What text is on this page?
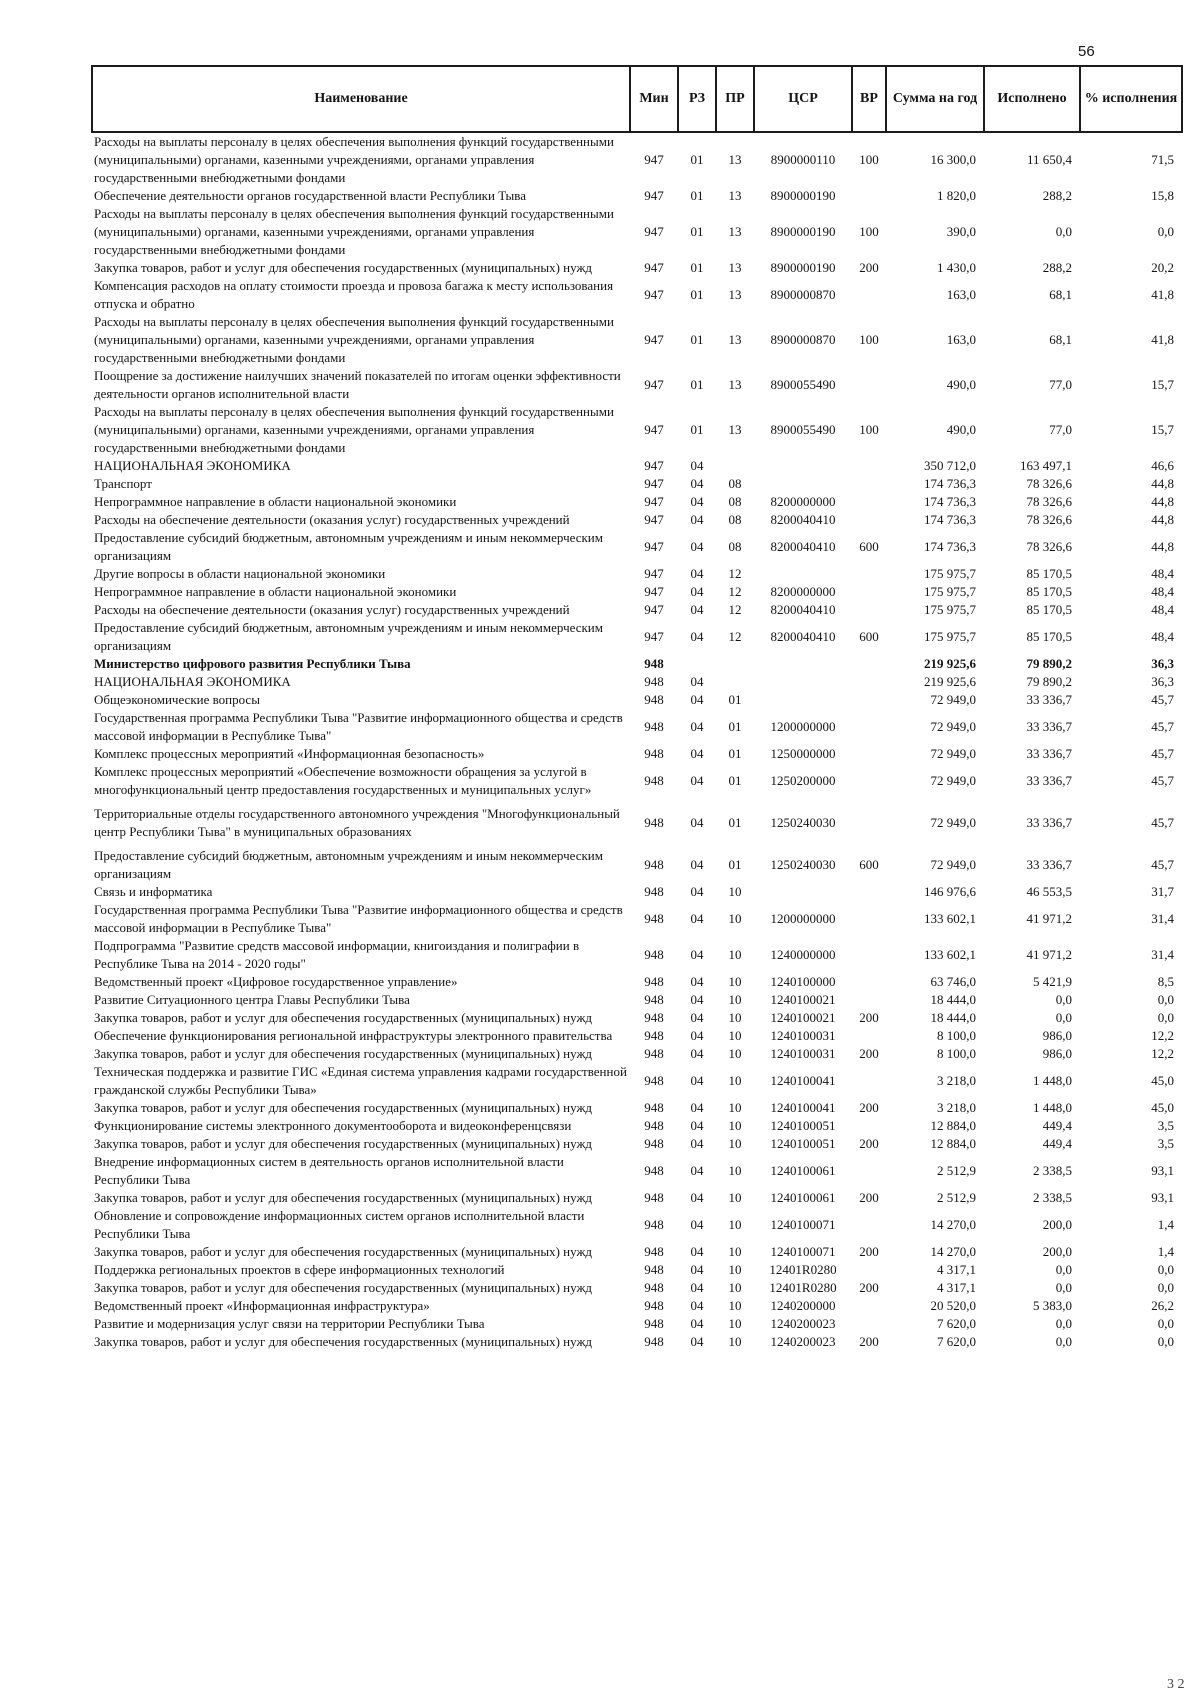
56
Наименование	Мин	РЗ	ПР	ЦСР	ВР	Сумма на год	Исполнено	% исполнения
Расходы на выплаты персоналу в целях обеспечения выполнения функций государственными (муниципальными) органами, казенными учреждениями, органами управления государственными внебюджетными фондами	947	01	13	8900000110	100	16 300,0	11 650,4	71,5
Обеспечение деятельности органов государственной власти Республики Тыва	947	01	13	8900000190		1 820,0	288,2	15,8
Расходы на выплаты персоналу в целях обеспечения выполнения функций государственными (муниципальными) органами, казенными учреждениями, органами управления государственными внебюджетными фондами	947	01	13	8900000190	100	390,0	0,0	0,0
Закупка товаров, работ и услуг для обеспечения государственных (муниципальных) нужд	947	01	13	8900000190	200	1 430,0	288,2	20,2
Компенсация расходов на оплату стоимости проезда и провоза багажа к месту использования отпуска и обратно	947	01	13	8900000870		163,0	68,1	41,8
Расходы на выплаты персоналу в целях обеспечения выполнения функций государственными (муниципальными) органами, казенными учреждениями, органами управления государственными внебюджетными фондами	947	01	13	8900000870	100	163,0	68,1	41,8
Поощрение за достижение наилучших значений показателей по итогам оценки эффективности деятельности органов исполнительной власти	947	01	13	8900055490		490,0	77,0	15,7
Расходы на выплаты персоналу в целях обеспечения выполнения функций государственными (муниципальными) органами, казенными учреждениями, органами управления государственными внебюджетными фондами	947	01	13	8900055490	100	490,0	77,0	15,7
НАЦИОНАЛЬНАЯ ЭКОНОМИКА	947	04				350 712,0	163 497,1	46,6
Транспорт	947	04	08			174 736,3	78 326,6	44,8
Непрограммное направление в области национальной экономики	947	04	08	8200000000		174 736,3	78 326,6	44,8
Расходы на обеспечение деятельности (оказания услуг) государственных учреждений	947	04	08	8200040410		174 736,3	78 326,6	44,8
Предоставление субсидий бюджетным, автономным учреждениям и иным некоммерческим организациям	947	04	08	8200040410	600	174 736,3	78 326,6	44,8
Другие вопросы в области национальной экономики	947	04	12			175 975,7	85 170,5	48,4
Непрограммное направление в области национальной экономики	947	04	12	8200000000		175 975,7	85 170,5	48,4
Расходы на обеспечение деятельности (оказания услуг) государственных учреждений	947	04	12	8200040410		175 975,7	85 170,5	48,4
Предоставление субсидий бюджетным, автономным учреждениям и иным некоммерческим организациям	947	04	12	8200040410	600	175 975,7	85 170,5	48,4
Министерство цифрового развития Республики Тыва	948					219 925,6	79 890,2	36,3
НАЦИОНАЛЬНАЯ ЭКОНОМИКА	948	04				219 925,6	79 890,2	36,3
Общеэкономические вопросы	948	04	01			72 949,0	33 336,7	45,7
Государственная программа Республики Тыва "Развитие информационного общества и средств массовой информации в Республике Тыва"	948	04	01	1200000000		72 949,0	33 336,7	45,7
Комплекс процессных мероприятий «Информационная безопасность»	948	04	01	1250000000		72 949,0	33 336,7	45,7
Комплекс процессных мероприятий «Обеспечение возможности обращения за услугой в многофункциональный центр предоставления государственных и муниципальных услуг»	948	04	01	1250200000		72 949,0	33 336,7	45,7
Территориальные отделы государственного автономного учреждения "Многофункциональный центр Республики Тыва" в муниципальных образованиях	948	04	01	1250240030		72 949,0	33 336,7	45,7
Предоставление субсидий бюджетным, автономным учреждениям и иным некоммерческим организациям	948	04	01	1250240030	600	72 949,0	33 336,7	45,7
Связь и информатика	948	04	10			146 976,6	46 553,5	31,7
Государственная программа Республики Тыва "Развитие информационного общества и средств массовой информации в Республике Тыва"	948	04	10	1200000000		133 602,1	41 971,2	31,4
Подпрограмма "Развитие средств массовой информации, книгоиздания и полиграфии в Республике Тыва на 2014 - 2020 годы"	948	04	10	1240000000		133 602,1	41 971,2	31,4
Ведомственный проект «Цифровое государственное управление»	948	04	10	1240100000		63 746,0	5 421,9	8,5
Развитие Ситуационного центра Главы Республики Тыва	948	04	10	1240100021		18 444,0	0,0	0,0
Закупка товаров, работ и услуг для обеспечения государственных (муниципальных) нужд	948	04	10	1240100021	200	18 444,0	0,0	0,0
Обеспечение функционирования региональной инфраструктуры электронного правительства	948	04	10	1240100031		8 100,0	986,0	12,2
Закупка товаров, работ и услуг для обеспечения государственных (муниципальных) нужд	948	04	10	1240100031	200	8 100,0	986,0	12,2
Техническая поддержка и развитие ГИС «Единая система управления кадрами государственной гражданской службы Республики Тыва»	948	04	10	1240100041		3 218,0	1 448,0	45,0
Закупка товаров, работ и услуг для обеспечения государственных (муниципальных) нужд	948	04	10	1240100041	200	3 218,0	1 448,0	45,0
Функционирование системы электронного документооборота и видеоконференцсвязи	948	04	10	1240100051		12 884,0	449,4	3,5
Закупка товаров, работ и услуг для обеспечения государственных (муниципальных) нужд	948	04	10	1240100051	200	12 884,0	449,4	3,5
Внедрение информационных систем в деятельность органов исполнительной власти Республики Тыва	948	04	10	1240100061		2 512,9	2 338,5	93,1
Закупка товаров, работ и услуг для обеспечения государственных (муниципальных) нужд	948	04	10	1240100061	200	2 512,9	2 338,5	93,1
Обновление и сопровождение информационных систем органов исполнительной власти Республики Тыва	948	04	10	1240100071		14 270,0	200,0	1,4
Закупка товаров, работ и услуг для обеспечения государственных (муниципальных) нужд	948	04	10	1240100071	200	14 270,0	200,0	1,4
Поддержка региональных проектов в сфере информационных технологий	948	04	10	12401R0280		4 317,1	0,0	0,0
Закупка товаров, работ и услуг для обеспечения государственных (муниципальных) нужд	948	04	10	12401R0280	200	4 317,1	0,0	0,0
Ведомственный проект «Информационная инфраструктура»	948	04	10	1240200000		20 520,0	5 383,0	26,2
Развитие и модернизация услуг связи на территории Республики Тыва	948	04	10	1240200023		7 620,0	0,0	0,0
Закупка товаров, работ и услуг для обеспечения государственных (муниципальных) нужд	948	04	10	1240200023	200	7 620,0	0,0	0,0
3 2
